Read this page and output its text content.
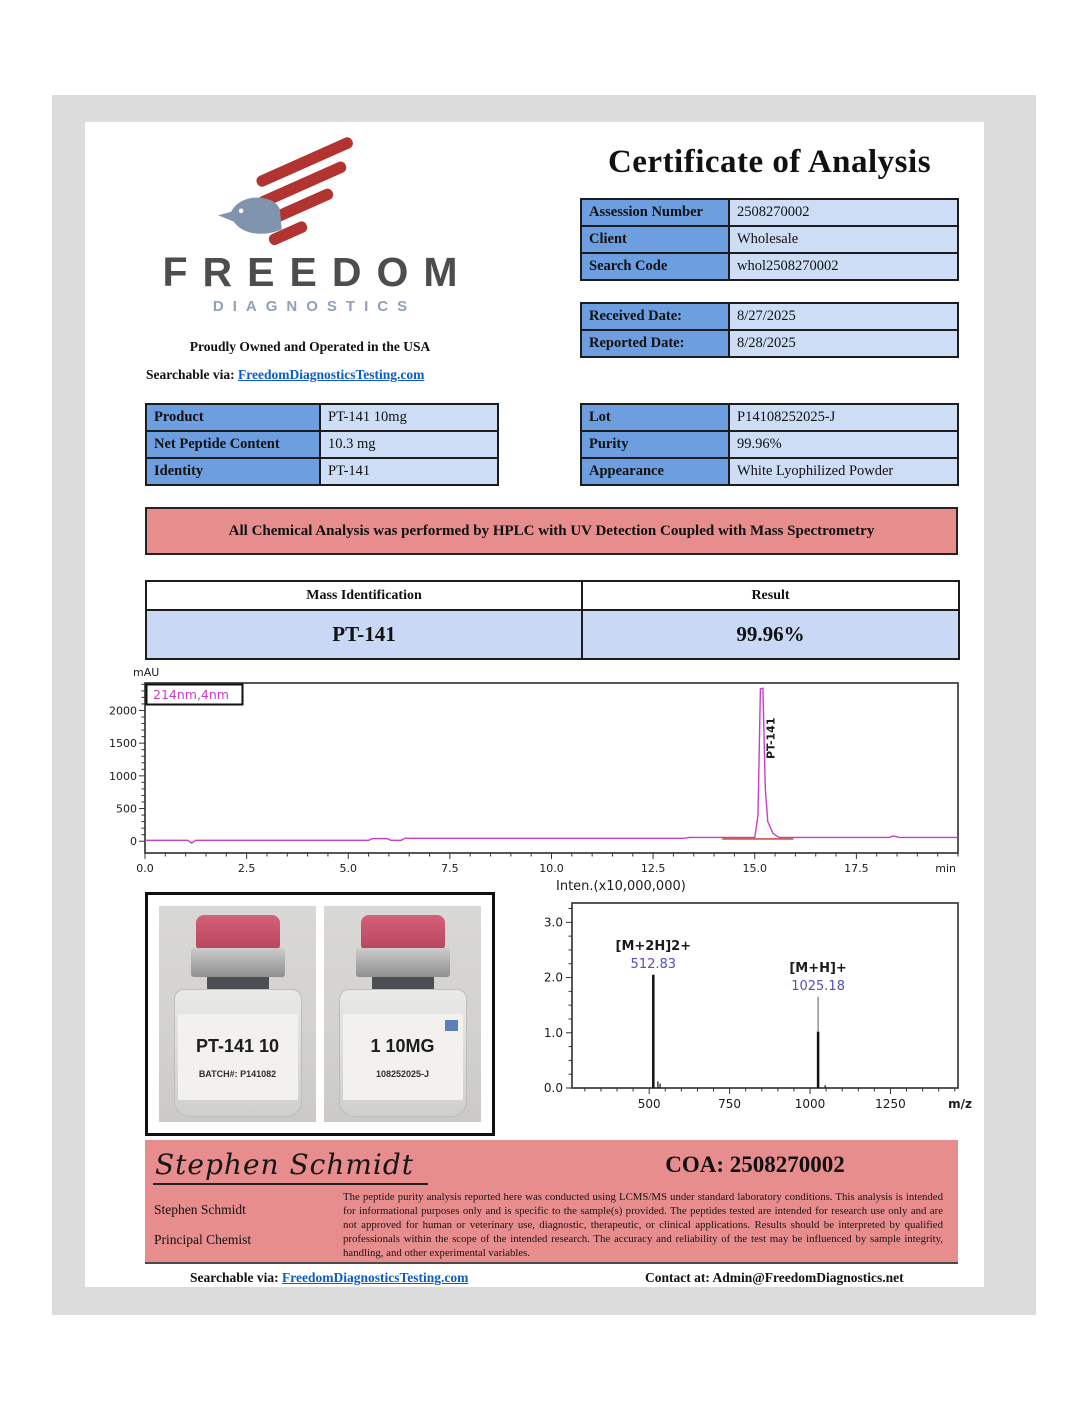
FREEDOM
DIAGNOSTICS
Proudly Owned and Operated in the USA
Searchable via: FreedomDiagnosticsTesting.com
Certificate of Analysis
Assession Number	2508270002
Client	Wholesale
Search Code	whol2508270002
Received Date:	8/27/2025
Reported Date:	8/28/2025
Product	PT-141 10mg
Net Peptide Content	10.3 mg
Identity	PT-141
Lot	P14108252025-J
Purity	99.96%
Appearance	White Lyophilized Powder
All Chemical Analysis was performed by HPLC with UV Detection Coupled with Mass Spectrometry
Mass Identification	Result
PT-141	99.96%
0
500
1000
1500
2000
0.0	2.5	5.0	7.5	10.0	12.5	15.0	17.5	min
mAU
214nm,4nm
PT-141
PT-141 10
BATCH#: P141082
1 10MG
108252025-J
Inten.(x10,000,000)
0.0
1.0
2.0
3.0
500	750	1000	1250	m/z
[M+2H]2+
512.83	[M+H]+
1025.18
Stephen Schmidt	COA: 2508270002
Stephen Schmidt
Principal Chemist
The peptide purity analysis reported here was conducted using LCMS/MS under standard laboratory conditions. This analysis is intended for informational purposes only and is specific to the sample(s) provided. The peptides tested are intended for research use only and are not approved for human or veterinary use, diagnostic, therapeutic, or clinical applications. Results should be interpreted by qualified professionals within the scope of the intended research. The accuracy and reliability of the test may be influenced by sample integrity, handling, and other experimental variables.
Searchable via: FreedomDiagnosticsTesting.com	Contact at: Admin@FreedomDiagnostics.net
